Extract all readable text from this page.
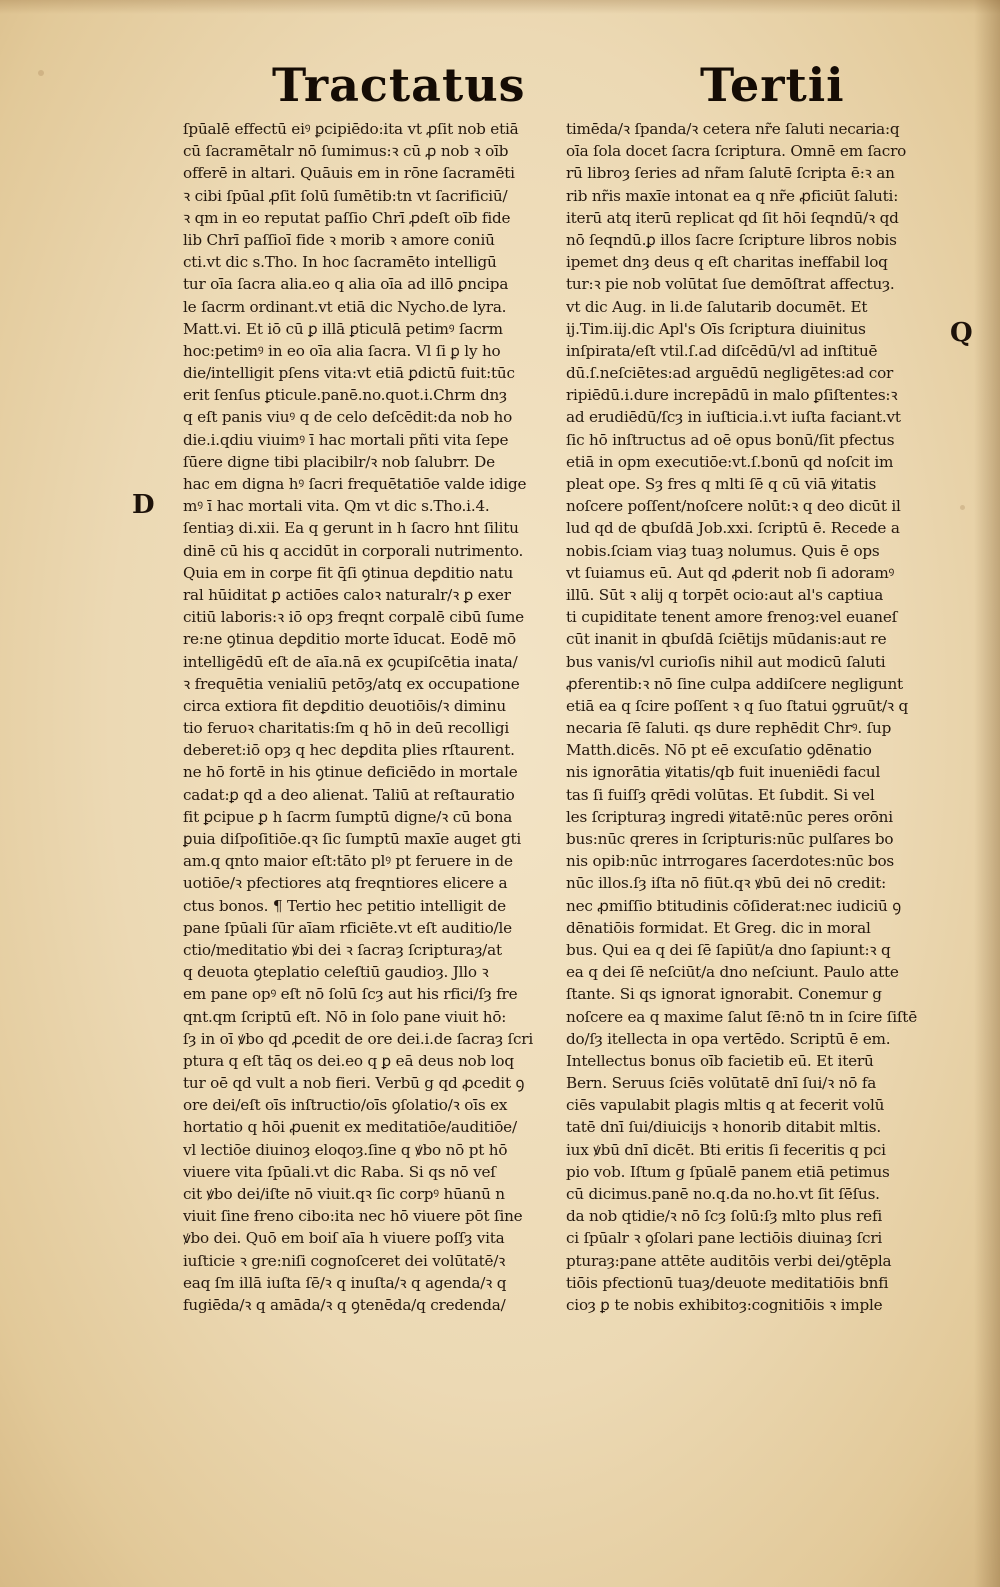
Tractatus	Tertii
D
Q
ſpūalē effectū eiꝰ ꝑcipiēdo:ita vt ꝓſit nob etiā
cū ſacramētalr nō ſumimus:ꝛ cū ꝓ nob ꝛ oīb
offerē in altari. Quāuis em in rōne ſacramēti
ꝛ cibi ſpūal ꝓſit ſolū ſumētib:tn vt ſacrificiū/
ꝛ qm in eo reputat paſſio Chrī ꝓdeſt oīb fide
lib Chrī paſſioī fide ꝛ morib ꝛ amore coniū
cti.vt dic s.Tho. In hoc ſacramēto intelligū
tur oīa ſacra alia.eo q alia oīa ad illō ꝑncipa
le ſacrm ordinant.vt etiā dic Nycho.de lyra.
Matt.vi. Et iō cū ꝑ illā ꝑticulā petimꝰ ſacrm
hoc:petimꝰ in eo oīa alia ſacra. Vl ſi ꝑ ly ho
die/intelligit pſens vita:vt etiā ꝑdictū fuit:tūc
erit ſenſus ꝑticule.panē.no.quot.i.Chrm dnȝ
q eſt panis viuꝰ q de celo deſcēdit:da nob ho
die.i.qdiu viuimꝰ ī hac mortali pñti vita ſepe
ſūere digne tibi placibilr/ꝛ nob ſalubrr. De
hac em digna hꝰ ſacri frequētatiōe valde idige
mꝰ ī hac mortali vita. Qm vt dic s.Tho.i.4.
ſentiaȝ di.xii. Ea q gerunt in h ſacro hnt ſilitu
dinē cū his q accidūt in corporali nutrimento.
Quia em in corpe fit q̄ſi ꝯtinua deꝑditio natu
ral hūiditat ꝑ actiōes caloꝛ naturalr/ꝛ ꝑ exer
citiū laboris:ꝛ iō opȝ freqnt corpalē cibū ſume
re:ne ꝯtinua deꝑditio morte īducat. Eodē mō
intelligēdū eſt de aīa.nā ex ꝯcupiſcētia inata/
ꝛ frequētia venialiū petōȝ/atq ex occupatione
circa extiora fit deꝑditio deuotiōis/ꝛ diminu
tio feruoꝛ charitatis:ſm q hō in deū recolligi
deberet:iō opȝ q hec deꝑdita plies rſtaurent.
ne hō fortē in his ꝯtinue deficiēdo in mortale
cadat:ꝑ qd a deo alienat. Taliū at reſtauratio
fit ꝑcipue ꝑ h ſacrm ſumptū digne/ꝛ cū bona
ꝑuia diſpoſitiōe.qꝛ ſic ſumptū maxīe auget gti
am.q qnto maior eſt:tāto plꝰ pt feruere in de
uotiōe/ꝛ pfectiores atq freqntiores elicere a
ctus bonos. ¶ Tertio hec petitio intelligit de
pane ſpūali ſūr aīam rficiēte.vt eſt auditio/le
ctio/meditatio ꝟbi dei ꝛ ſacraȝ ſcripturaȝ/at
q deuota ꝯteplatio celeſtiū gaudioȝ. Jllo ꝛ
em pane opꝰ eſt nō ſolū ſcȝ aut his rfici/ſȝ fre
qnt.qm ſcriptū eſt. Nō in ſolo pane viuit hō:
ſȝ in oī ꝟbo qd ꝓcedit de ore dei.i.de ſacraȝ ſcri
ptura q eſt tāq os dei.eo q ꝑ eā deus nob loq
tur oē qd vult a nob fieri. Verbū g qd ꝓcedit ꝯ
ore dei/eſt oīs inſtructio/oīs ꝯſolatio/ꝛ oīs ex
hortatio q hōi ꝓuenit ex meditatiōe/auditiōe/
vl lectiōe diuinoȝ eloqoȝ.ſine q ꝟbo nō pt hō
viuere vita ſpūali.vt dic Raba. Si qs nō veſ
cit ꝟbo dei/iſte nō viuit.qꝛ ſic corpꝰ hūanū n
viuit ſine ẜreno cibo:ita nec hō viuere pōt ſine
ꝟbo dei. Quō em boiſ aīa h viuere poſſȝ vita
iuſticie ꝛ gre:niſi cognoſceret dei volūtatē/ꝛ
eaq ſm illā iuſta ſē/ꝛ q inuſta/ꝛ q agenda/ꝛ q
fugiēda/ꝛ q amāda/ꝛ q ꝯtenēda/q credenda/
timēda/ꝛ ſpanda/ꝛ cetera nr̃e ſaluti necaria:q
oīa ſola docet ſacra ſcriptura. Omnē em ſacro
rū libroȝ ſeries ad nr̃am ſalutē ſcripta ē:ꝛ an
rib nr̃is maxīe intonat ea q nr̃e ꝓficiūt ſaluti:
iterū atq iterū replicat qd ſit hōi ſeqndū/ꝛ qd
nō ſeqndū.ꝑ illos ſacre ſcripture libros nobis
ipemet dnȝ deus q eſt charitas ineffabil loq
tur:ꝛ pie nob volūtat ſue demōſtrat affectuȝ.
vt dic Aug. in li.de ſalutarib documēt. Et
ij.Tim.iij.dic Apl's Oīs ſcriptura diuinitus
inſpirata/eſt vtil.ſ.ad diſcēdū/vl ad inſtituē
dū.ſ.neſciētes:ad arguēdū negligētes:ad cor
ripiēdū.i.dure increpādū in malo ꝑſiſtentes:ꝛ
ad erudiēdū/ſcȝ in iuſticia.i.vt iuſta faciant.vt
ſic hō inſtructus ad oē opus bonū/ſit pfectus
etiā in opm executiōe:vt.ſ.bonū qd noſcit im
pleat ope. Sȝ fres q mlti ſē q cū viā ꝟitatis
noſcere poſſent/noſcere nolūt:ꝛ q deo dicūt il
lud qd de qbuſdā Job.xxi. ſcriptū ē. Recede a
nobis.ſciam viaȝ tuaȝ nolumus. Quis ē ops
vt ſuiamus eū. Aut qd ꝓderit nob ſi adoramꝰ
illū. Sūt ꝛ alij q torpēt ocio:aut al's captiua
ti cupiditate tenent amore ẜrenoȝ:vel euaneſ
cūt inanit in qbuſdā ſciētijs mūdanis:aut re
bus vanis/vl curioſis nihil aut modicū ſaluti
ꝓferentib:ꝛ nō ſine culpa addiſcere negligunt
etiā ea q ſcire poſſent ꝛ q ſuo ſtatui ꝯgruūt/ꝛ q
necaria ſē ſaluti. qs dure rephēdit Chrꝰ. ſup
Matth.dicēs. Nō pt eē excuſatio ꝯdēnatio
nis ignorātia ꝟitatis/qb fuit inueniēdi facul
tas ſi fuiſſȝ qrēdi volūtas. Et ſubdit. Si vel
les ſcripturaȝ ingredi ꝟitatē:nūc peres orōni
bus:nūc qreres in ſcripturis:nūc pulſares bo
nis opib:nūc intrrogares ſacerdotes:nūc bos
nūc illos.ſȝ iſta nō fiūt.qꝛ ꝟbū dei nō credit:
nec ꝓmiſſio btitudinis cōſiderat:nec iudiciū ꝯ
dēnatiōis formidat. Et Greg. dic in moral
bus. Qui ea q dei ſē ſapiūt/a dno ſapiunt:ꝛ q
ea q dei ſē neſciūt/a dno neſciunt. Paulo atte
ſtante. Si qs ignorat ignorabit. Conemur g
noſcere ea q maxime ſalut ſē:nō tn in ſcire ſiſtē
do/ſȝ itellecta in opa vertēdo. Scriptū ē em.
Intellectus bonus oīb facietib eū. Et iterū
Bern. Seruus ſciēs volūtatē dnī ſui/ꝛ nō fa
ciēs vapulabit plagis mltis q at fecerit volū
tatē dnī ſui/diuicijs ꝛ honorib ditabit mltis.
iux ꝟbū dnī dicēt. Bti eritis ſi feceritis q pci
pio vob. Iſtum g ſpūalē panem etiā petimus
cū dicimus.panē no.q.da no.ho.vt ſit ſēſus.
da nob qtidie/ꝛ nō ſcȝ ſolū:ſȝ mlto plus refi
ci ſpūalr ꝛ ꝯſolari pane lectiōis diuinaȝ ſcri
pturaȝ:pane attēte auditōis verbi dei/ꝯtēpla
tiōis pfectionū tuaȝ/deuote meditatiōis bnfi
cioȝ ꝑ te nobis exhibitoȝ:cognitiōis ꝛ imple
